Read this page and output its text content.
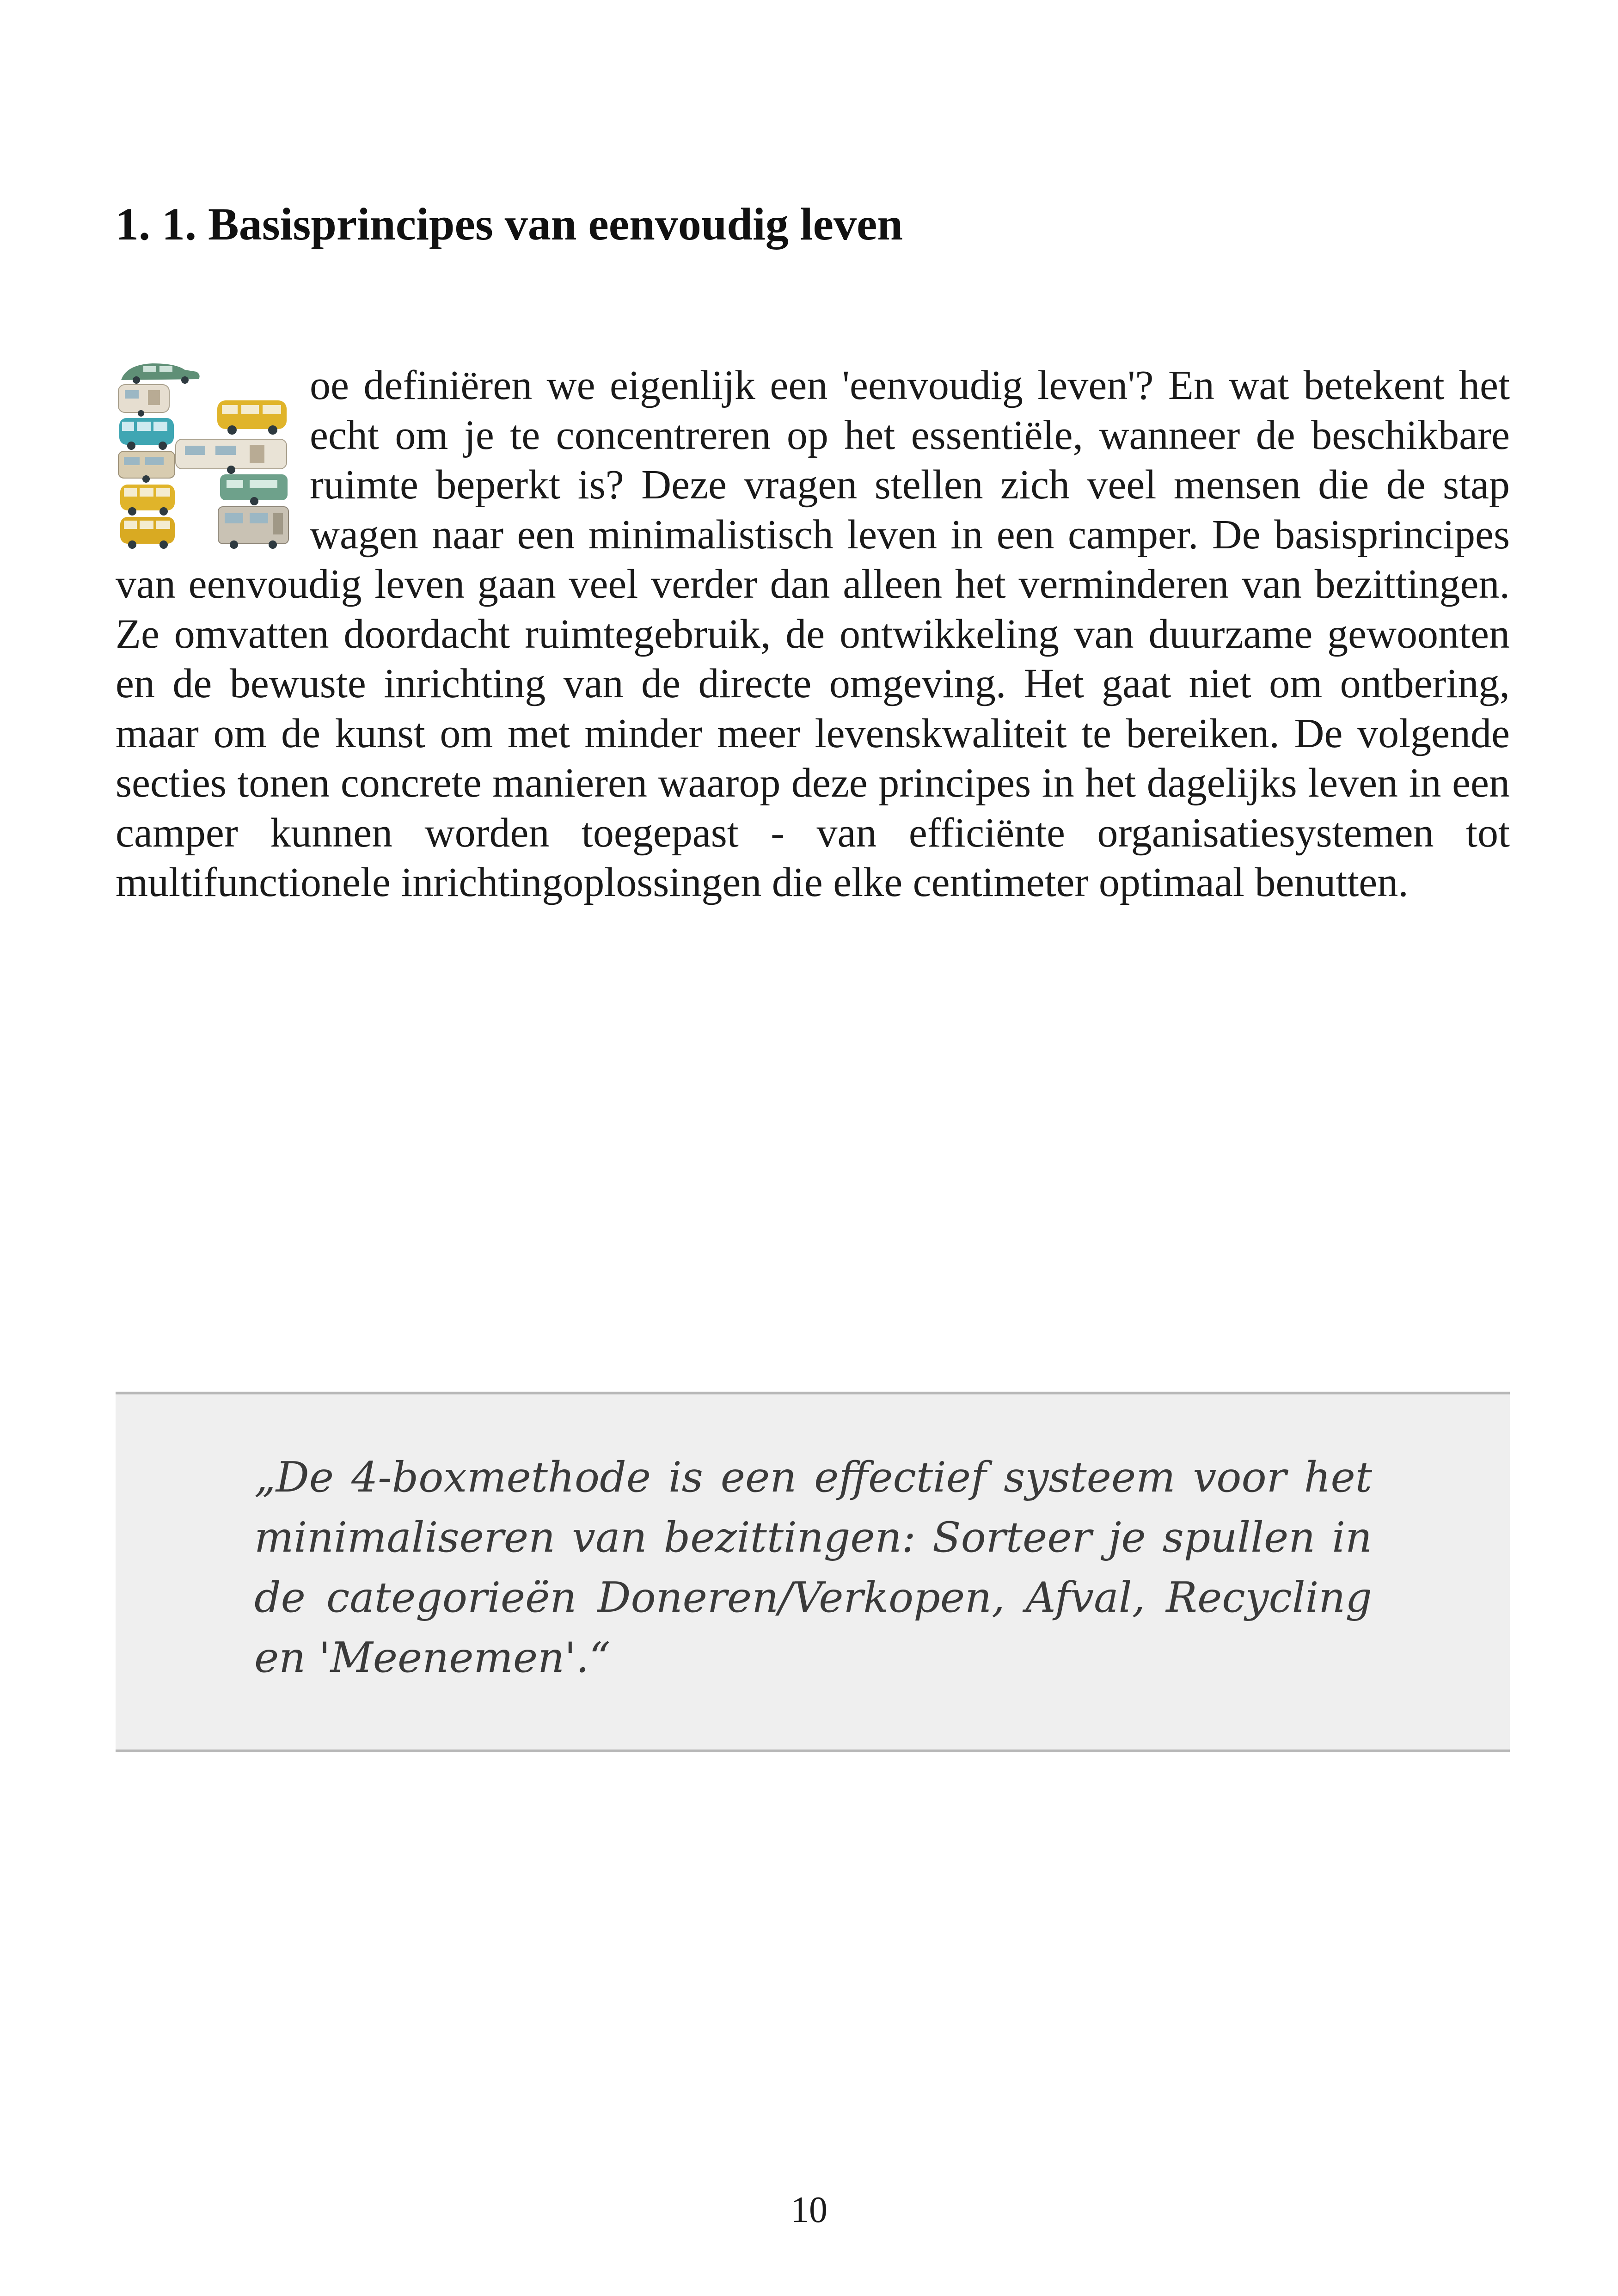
1. 1. Basisprincipes van eenvoudig leven

oe definiëren we eigenlijk een 'eenvoudig leven'? En wat betekent het echt om je te concentreren op het essentiële, wanneer de beschikbare ruimte beperkt is? Deze vragen stellen zich veel mensen die de stap wagen naar een minimalistisch leven in een camper. De basisprincipes van eenvoudig leven gaan veel verder dan alleen het verminderen van bezittingen. Ze omvatten doordacht ruimtegebruik, de ontwikkeling van duurzame gewoonten en de bewuste inrichting van de directe omgeving. Het gaat niet om ontbering, maar om de kunst om met minder meer levenskwaliteit te bereiken. De volgende secties tonen concrete manieren waarop deze principes in het dagelijks leven in een camper kunnen worden toegepast - van efficiënte organisatiesystemen tot multifunctionele inrichtingoplossingen die elke centimeter optimaal benutten.

„De 4-boxmethode is een effectief systeem voor het minimaliseren van bezittingen: Sorteer je spullen in de categorieën Doneren/Verkopen, Afval, Recycling en 'Meenemen'.“

10
